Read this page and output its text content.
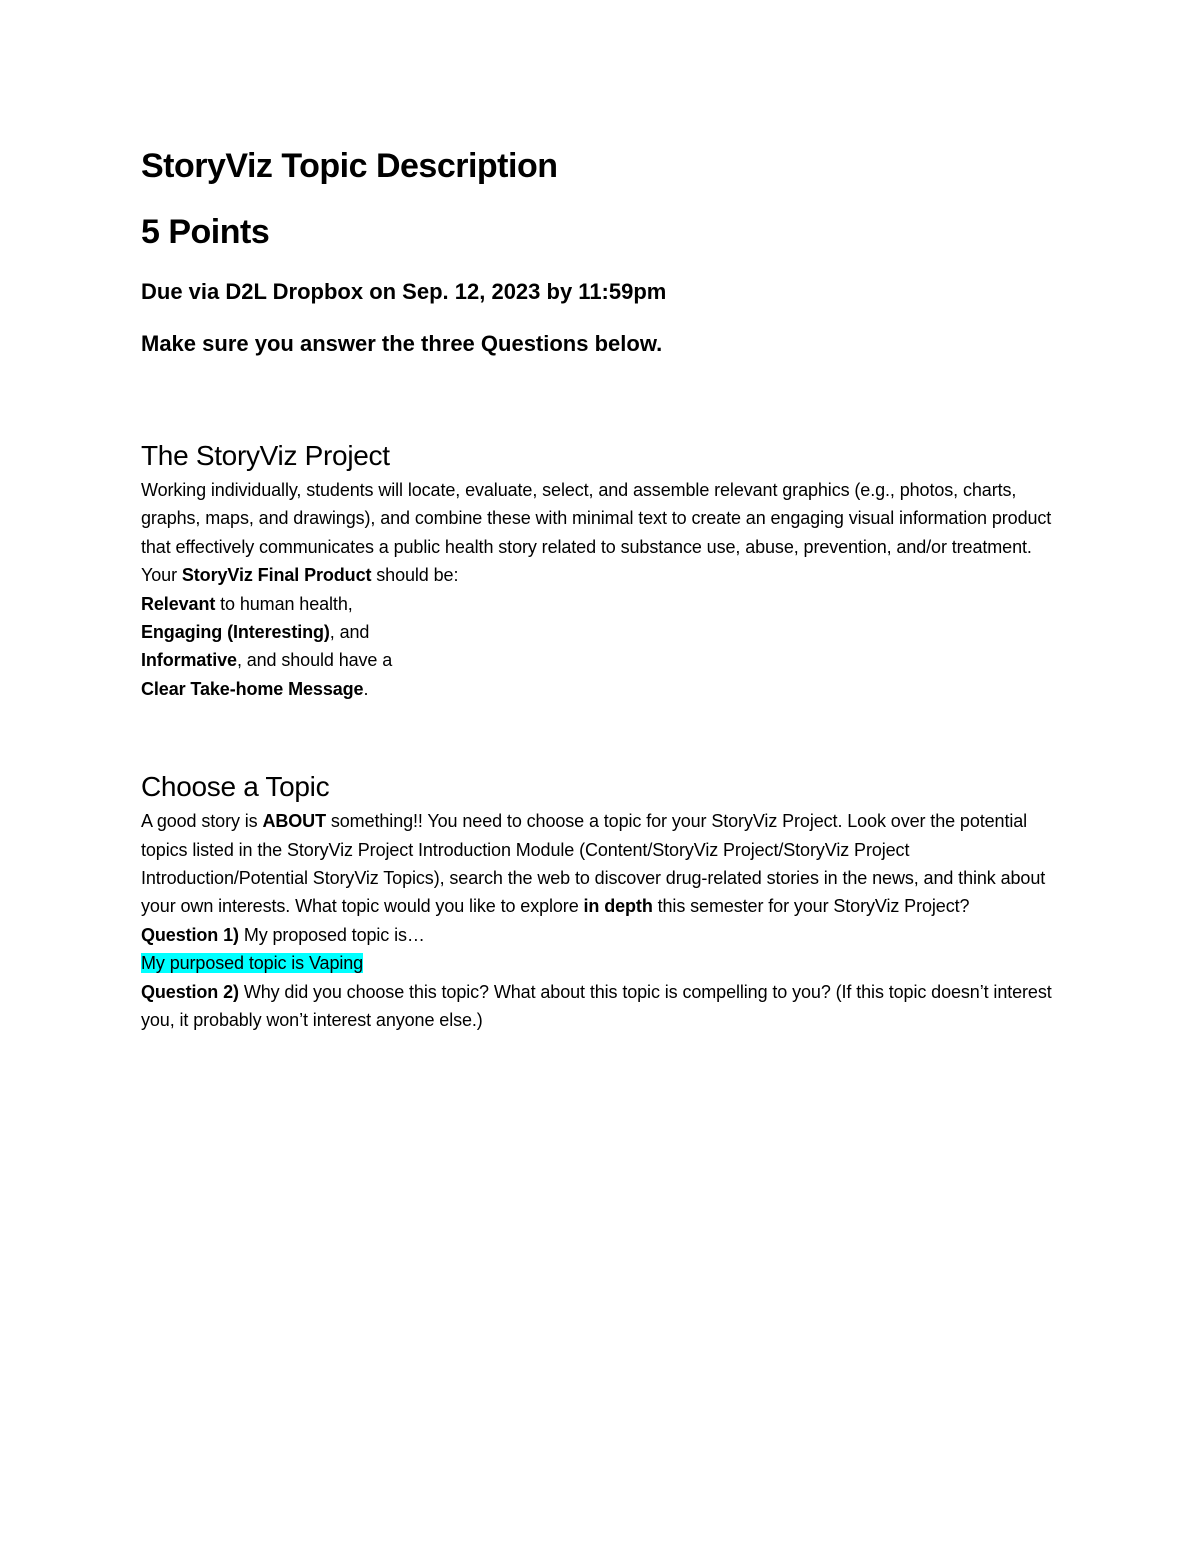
StoryViz Topic Description
5 Points
Due via D2L Dropbox on Sep. 12, 2023 by 11:59pm
Make sure you answer the three Questions below.
The StoryViz Project

Working individually, students will locate, evaluate, select, and assemble relevant graphics (e.g., photos, charts, graphs, maps, and drawings), and combine these with minimal text to create an engaging visual information product that effectively communicates a public health story related to substance use, abuse, prevention, and/or treatment.

Your StoryViz Final Product should be:

Relevant to human health,

Engaging (Interesting), and

Informative, and should have a

Clear Take-home Message.

Choose a Topic

A good story is ABOUT something!! You need to choose a topic for your StoryViz Project. Look over the potential topics listed in the StoryViz Project Introduction Module (Content/StoryViz Project/StoryViz Project Introduction/Potential StoryViz Topics), search the web to discover drug-related stories in the news, and think about your own interests. What topic would you like to explore in depth this semester for your StoryViz Project?

Question 1) My proposed topic is…

My purposed topic is Vaping

Question 2) Why did you choose this topic? What about this topic is compelling to you? (If this topic doesn’t interest you, it probably won’t interest anyone else.)
